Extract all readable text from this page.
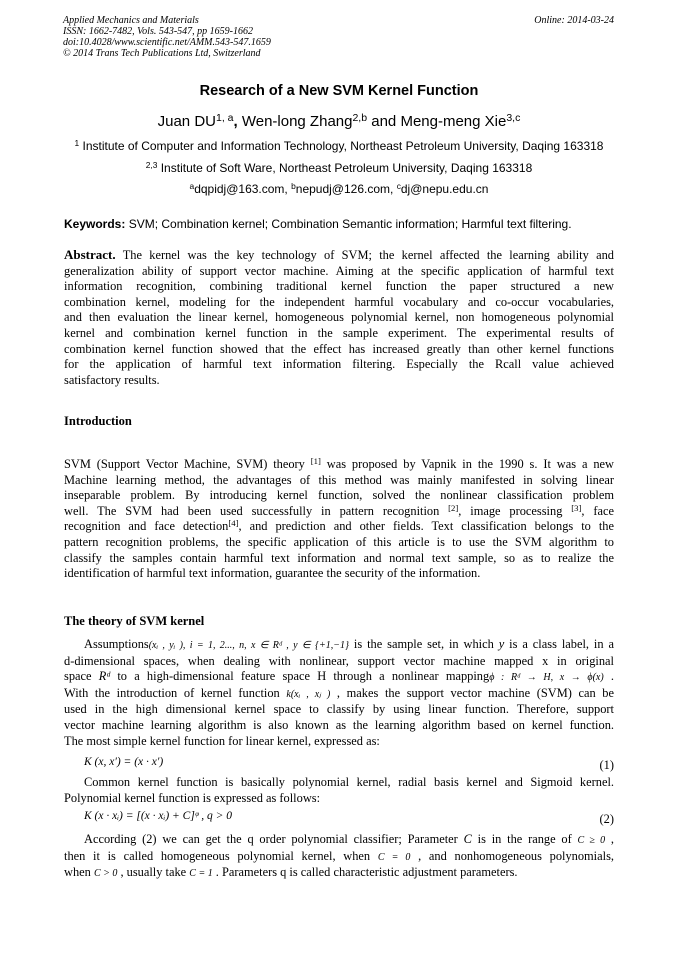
Applied Mechanics and Materials
ISSN: 1662-7482, Vols. 543-547, pp 1659-1662
doi:10.4028/www.scientific.net/AMM.543-547.1659
© 2014 Trans Tech Publications Ltd, Switzerland
Online: 2014-03-24
Research of a New SVM Kernel Function
Juan DU$^{1, a}$, Wen-long Zhang$^{2,b}$ and Meng-meng Xie$^{3,c}$
$^1$ Institute of Computer and Information Technology, Northeast Petroleum University, Daqing 163318
$^{2,3}$ Institute of Soft Ware, Northeast Petroleum University, Daqing 163318
$^a$dqpidj@163.com, $^b$nepudj@126.com, $^c$dj@nepu.edu.cn
Keywords: SVM; Combination kernel; Combination Semantic information; Harmful text filtering.
Abstract. The kernel was the key technology of SVM; the kernel affected the learning ability and
generalization ability of support vector machine. Aiming at the specific application of harmful text
information recognition, combining traditional kernel function the paper structured a new
combination kernel, modeling for the independent harmful vocabulary and co-occur vocabularies,
and then evaluation the linear kernel, homogeneous polynomial kernel, non homogeneous polynomial
kernel and combination kernel function in the sample experiment. The experimental results of
combination kernel function showed that the effect has increased greatly than other kernel functions
for the application of harmful text information filtering. Especially the Rcall value achieved
satisfactory results.
Introduction
SVM (Support Vector Machine, SVM) theory [1] was proposed by Vapnik in the 1990 s. It was a new
Machine learning method, the advantages of this method was mainly manifested in solving linear
inseparable problem. By introducing kernel function, solved the nonlinear classification problem
well. The SVM had been used successfully in pattern recognition [2], image processing [3], face
recognition and face detection[4], and prediction and other fields. Text classification belongs to the
pattern recognition problems, the specific application of this article is to use the SVM algorithm to
classify the samples contain harmful text information and normal text sample, so as to realize the
identification of harmful text information, guarantee the security of the information.
The theory of SVM kernel
Assumptions(xᵢ , yᵢ ), i = 1, 2..., n, x ∈ Rᵈ , y ∈ {+1,−1} is the sample set, in which y is a class label, in a
d-dimensional spaces, when dealing with nonlinear, support vector machine mapped x in original
space Rᵈ to a high-dimensional feature space H through a nonlinear mappingϕ : Rᵈ → H, x → ϕ(x) .
With the introduction of kernel function k(xᵢ , xⱼ ) , makes the support vector machine (SVM) can be
used in the high dimensional kernel space to classify by using linear function. Therefore, support
vector machine learning algorithm is also known as the learning algorithm based on kernel function.
The most simple kernel function for linear kernel, expressed as:
K (x, x′) = (x · x′)	(1)
Common kernel function is basically polynomial kernel, radial basis kernel and Sigmoid kernel.
Polynomial kernel function is expressed as follows:
K (x · xᵢ) = [(x · xᵢ) + C]ᵠ , q > 0	(2)
According (2) we can get the q order polynomial classifier; Parameter C is in the range of C ≥ 0 ,
then it is called homogeneous polynomial kernel, when C = 0 , and nonhomogeneous polynomials,
when C > 0 , usually take C = 1 . Parameters q is called characteristic adjustment parameters.
